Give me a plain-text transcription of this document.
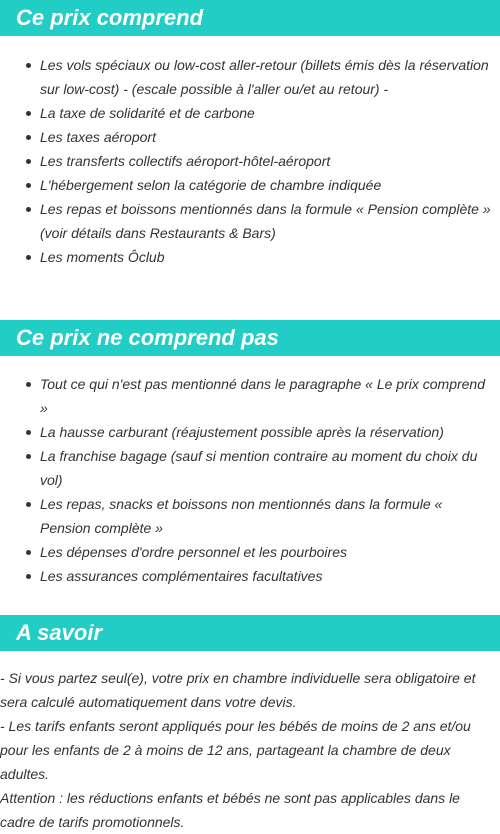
Ce prix comprend
Les vols spéciaux ou low-cost aller-retour (billets émis dès la réservation sur low-cost) - (escale possible à l'aller ou/et au retour) -
La taxe de solidarité et de carbone
Les taxes aéroport
Les transferts collectifs aéroport-hôtel-aéroport
L'hébergement selon la catégorie de chambre indiquée
Les repas et boissons mentionnés dans la formule « Pension complète » (voir détails dans Restaurants & Bars)
Les moments Ôclub
Ce prix ne comprend pas
Tout ce qui n'est pas mentionné dans le paragraphe « Le prix comprend »
La hausse carburant (réajustement possible après la réservation)
La franchise bagage (sauf si mention contraire au moment du choix du vol)
Les repas, snacks et boissons non mentionnés dans la formule « Pension complète »
Les dépenses d'ordre personnel et les pourboires
Les assurances complémentaires facultatives
A savoir

- Si vous partez seul(e), votre prix en chambre individuelle sera obligatoire et sera calculé automatiquement dans votre devis.

- Les tarifs enfants seront appliqués pour les bébés de moins de 2 ans et/ou pour les enfants de 2 à moins de 12 ans, partageant la chambre de deux adultes.

Attention : les réductions enfants et bébés ne sont pas applicables dans le cadre de tarifs promotionnels.
